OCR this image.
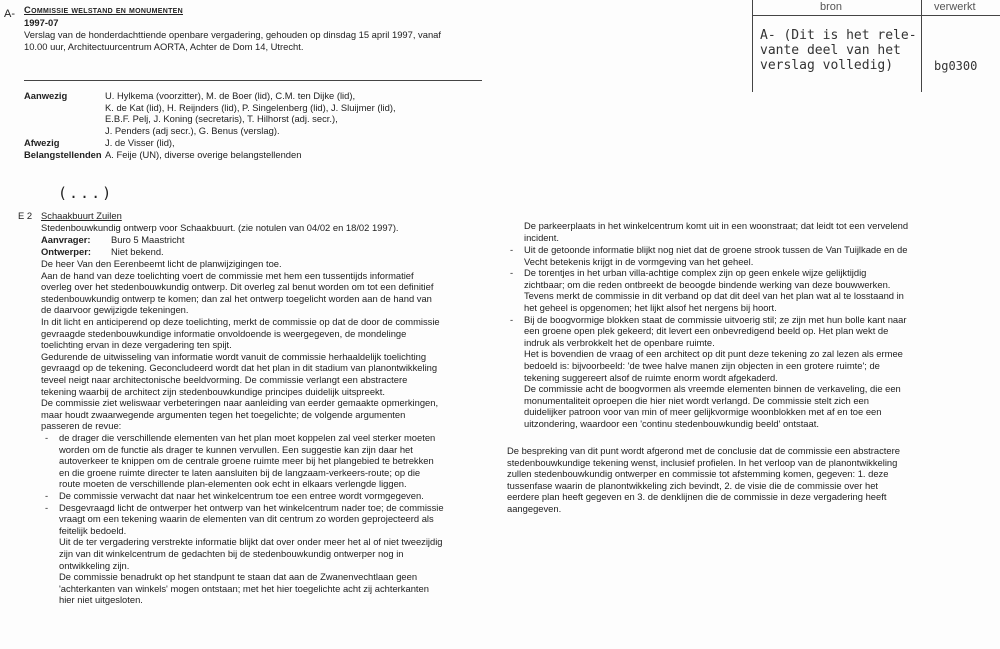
A- Commissie welstand en monumenten
1997-07
Verslag van de honderdachttiende openbare vergadering, gehouden op dinsdag 15 april 1997, vanaf
10.00 uur, Architectuurcentrum AORTA, Achter de Dom 14, Utrecht.
bron	verwerkt
A- (Dit is het rele-
vante deel van het
verslag volledig)	bg0300
Aanwezig	U. Hylkema (voorzitter), M. de Boer (lid), C.M. ten Dijke (lid),
K. de Kat (lid), H. Reijnders (lid), P. Singelenberg (lid), J. Sluijmer (lid),
E.B.F. Pelj, J. Koning (secretaris), T. Hilhorst (adj. secr.),
J. Penders (adj secr.), G. Benus (verslag).
Afwezig	J. de Visser (lid),
Belangstellenden A. Feije (UN), diverse overige belangstellenden
(...)
E 2 Schaakbuurt Zuilen
Stedenbouwkundig ontwerp voor Schaakbuurt. (zie notulen van 04/02 en 18/02 1997).
Aanvrager: Buro 5 Maastricht
Ontwerper: Niet bekend.
De heer Van den Eerenbeemt licht de planwijzigingen toe.
Aan de hand van deze toelichting voert de commissie met hem een tussentijds informatief
overleg over het stedenbouwkundig ontwerp. Dit overleg zal benut worden om tot een definitief
stedenbouwkundig ontwerp te komen; dan zal het ontwerp toegelicht worden aan de hand van
de daarvoor gewijzigde tekeningen.
In dit licht en anticiperend op deze toelichting, merkt de commissie op dat de door de commissie
gevraagde stedenbouwkundige informatie onvoldoende is weergegeven, de mondelinge
toelichting ervan in deze vergadering ten spijt.
Gedurende de uitwisseling van informatie wordt vanuit de commissie herhaaldelijk toelichting
gevraagd op de tekening. Geconcludeerd wordt dat het plan in dit stadium van planontwikkeling
teveel neigt naar architectonische beeldvorming. De commissie verlangt een abstractere
tekening waarbij de architect zijn stedenbouwkundige principes duidelijk uitspreekt.
De commissie ziet weliswaar verbeteringen naar aanleiding van eerder gemaakte opmerkingen,
maar houdt zwaarwegende argumenten tegen het toegelichte; de volgende argumenten
passeren de revue:
- de drager die verschillende elementen van het plan moet koppelen zal veel sterker moeten
worden om de functie als drager te kunnen vervullen. Een suggestie kan zijn daar het
autoverkeer te knippen om de centrale groene ruimte meer bij het plangebied te betrekken
en die groene ruimte directer te laten aansluiten bij de langzaam-verkeers-route; op die
route moeten de verschillende plan-elementen ook echt in elkaars verlengde liggen.
- De commissie verwacht dat naar het winkelcentrum toe een entree wordt vormgegeven.
- Desgevraagd licht de ontwerper het ontwerp van het winkelcentrum nader toe; de commissie
vraagt om een tekening waarin de elementen van dit centrum zo worden geprojecteerd als
feitelijk bedoeld.
Uit de ter vergadering verstrekte informatie blijkt dat over onder meer het al of niet tweezijdig
zijn van dit winkelcentrum de gedachten bij de stedenbouwkundig ontwerper nog in
ontwikkeling zijn.
De commissie benadrukt op het standpunt te staan dat aan de Zwanenvechtlaan geen
'achterkanten van winkels' mogen ontstaan; met het hier toegelichte acht zij achterkanten
hier niet uitgesloten.
De parkeerplaats in het winkelcentrum komt uit in een woonstraat; dat leidt tot een vervelend
incident.
- Uit de getoonde informatie blijkt nog niet dat de groene strook tussen de Van Tuijlkade en de
Vecht betekenis krijgt in de vormgeving van het geheel.
- De torentjes in het urban villa-achtige complex zijn op geen enkele wijze gelijktijdig
zichtbaar; om die reden ontbreekt de beoogde bindende werking van deze bouwwerken.
Tevens merkt de commissie in dit verband op dat dit deel van het plan wat al te losstaand in
het geheel is opgenomen; het lijkt alsof het nergens bij hoort.
- Bij de boogvormige blokken staat de commissie uitvoerig stil; ze zijn met hun bolle kant naar
een groene open plek gekeerd; dit levert een onbevredigend beeld op. Het plan wekt de
indruk als verbrokkelt het de openbare ruimte.
Het is bovendien de vraag of een architect op dit punt deze tekening zo zal lezen als ermee
bedoeld is: bijvoorbeeld: 'de twee halve manen zijn objecten in een grotere ruimte'; de
tekening suggereert alsof de ruimte enorm wordt afgekaderd.
De commissie acht de boogvormen als vreemde elementen binnen de verkaveling, die een
monumentaliteit oproepen die hier niet wordt verlangd. De commissie stelt zich een
duidelijker patroon voor van min of meer gelijkvormige woonblokken met af en toe een
uitzondering, waardoor een 'continu stedenbouwkundig beeld' ontstaat.
De bespreking van dit punt wordt afgerond met de conclusie dat de commissie een abstractere
stedenbouwkundige tekening wenst, inclusief profielen. In het verloop van de planontwikkeling
zullen stedenbouwkundig ontwerper en commissie tot afstemming komen, gegeven: 1. deze
tussenfase waarin de planontwikkeling zich bevindt, 2. de visie die de commissie over het
eerdere plan heeft gegeven en 3. de denklijnen die de commissie in deze vergadering heeft
aangegeven.
